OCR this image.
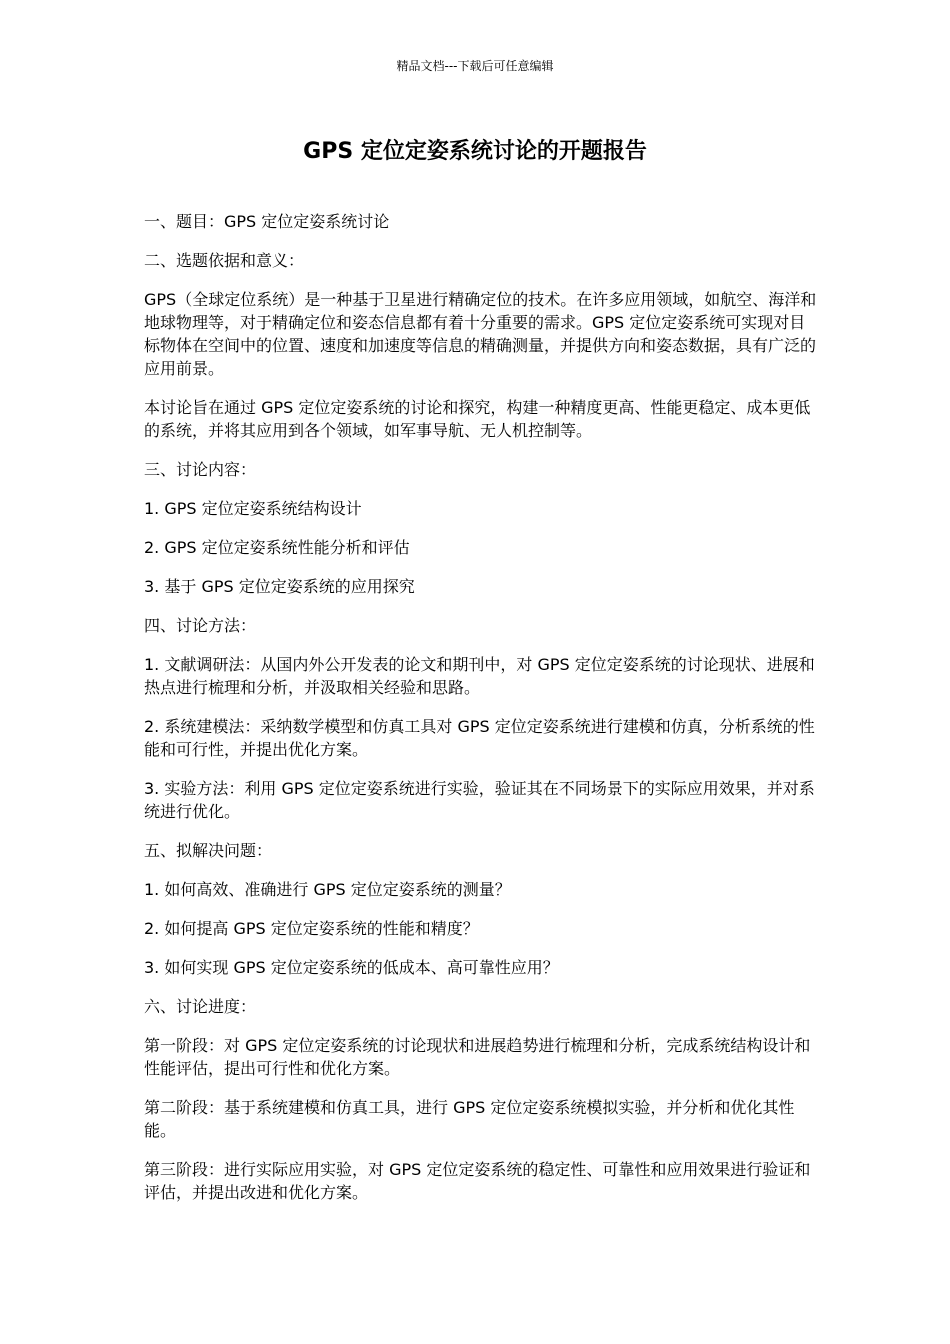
精品文档---下载后可任意编辑
GPS 定位定姿系统讨论的开题报告

一、题目：GPS 定位定姿系统讨论

二、选题依据和意义：

GPS（全球定位系统）是一种基于卫星进行精确定位的技术。在许多应用领域，如航空、海洋和地球物理等，对于精确定位和姿态信息都有着十分重要的需求。GPS 定位定姿系统可实现对目标物体在空间中的位置、速度和加速度等信息的精确测量，并提供方向和姿态数据，具有广泛的应用前景。

本讨论旨在通过 GPS 定位定姿系统的讨论和探究，构建一种精度更高、性能更稳定、成本更低的系统，并将其应用到各个领域，如军事导航、无人机控制等。

三、讨论内容：

1. GPS 定位定姿系统结构设计

2. GPS 定位定姿系统性能分析和评估

3. 基于 GPS 定位定姿系统的应用探究

四、讨论方法：

1. 文献调研法：从国内外公开发表的论文和期刊中，对 GPS 定位定姿系统的讨论现状、进展和热点进行梳理和分析，并汲取相关经验和思路。

2. 系统建模法：采纳数学模型和仿真工具对 GPS 定位定姿系统进行建模和仿真，分析系统的性能和可行性，并提出优化方案。

3. 实验方法：利用 GPS 定位定姿系统进行实验，验证其在不同场景下的实际应用效果，并对系统进行优化。

五、拟解决问题：

1. 如何高效、准确进行 GPS 定位定姿系统的测量？

2. 如何提高 GPS 定位定姿系统的性能和精度？

3. 如何实现 GPS 定位定姿系统的低成本、高可靠性应用？

六、讨论进度：

第一阶段：对 GPS 定位定姿系统的讨论现状和进展趋势进行梳理和分析，完成系统结构设计和性能评估，提出可行性和优化方案。

第二阶段：基于系统建模和仿真工具，进行 GPS 定位定姿系统模拟实验，并分析和优化其性能。

第三阶段：进行实际应用实验，对 GPS 定位定姿系统的稳定性、可靠性和应用效果进行验证和评估，并提出改进和优化方案。
